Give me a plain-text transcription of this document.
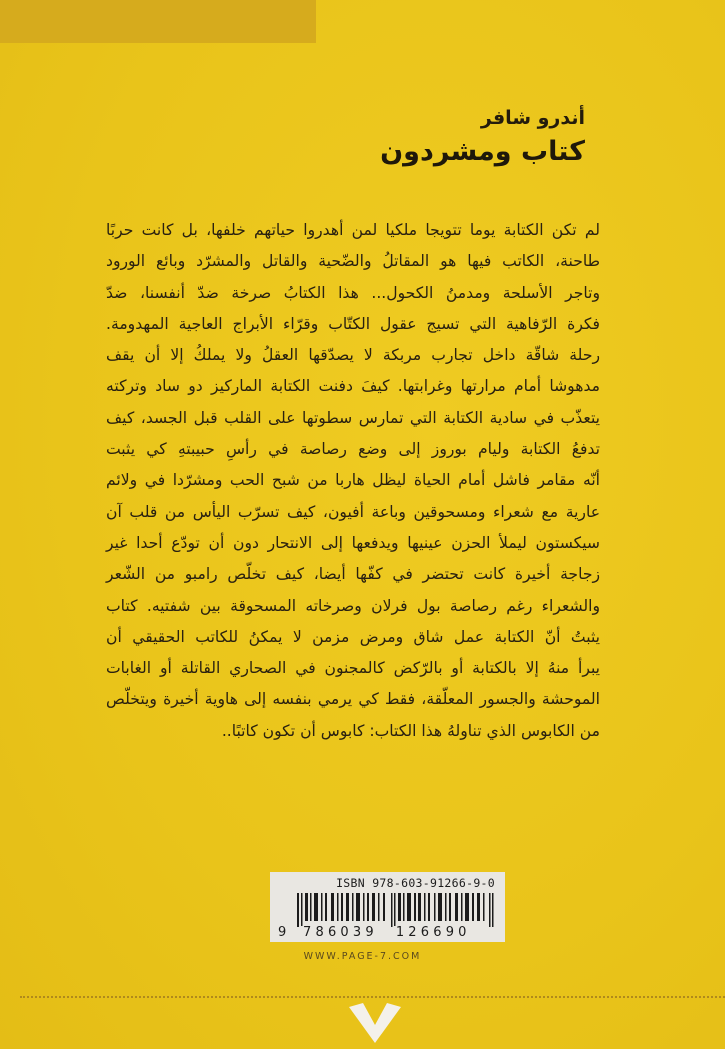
أندرو شافر
كتاب ومشردون
لم تكن الكتابة يوما تتويجا ملكيا لمن أهدروا حياتهم خلفها، بل كانت حربًا
طاحنة، الكاتب فيها هو المقاتلُ والضّحية والقاتل والمشرّد وبائع الورود
وتاجر الأسلحة ومدمنُ الكحول... هذا الكتابُ صرخة ضدّ أنفسنا، ضدّ
فكرة الرّفاهية التي تسيج عقول الكتّاب وقرّاء الأبراج العاجية المهدومة.
رحلة شاقّة داخل تجارب مربكة لا يصدّقها العقلُ ولا يملكُ إلا أن يقف
مدهوشا أمام مرارتها وغرابتها. كيفَ دفنت الكتابة الماركيز دو ساد وتركته
يتعذّب في سادية الكتابة التي تمارس سطوتها على القلب قبل الجسد، كيف
تدفعُ الكتابة وليام بوروز إلى وضع رصاصة في رأسِ حبيبتهِ كي يثبت
أنّه مقامر فاشل أمام الحياة ليظل هاربا من شبح الحب ومشرّدا في ولائم
عارية مع شعراء ومسحوقين وباعة أفيون، كيف تسرّب اليأس من قلب آن
سيكستون ليملأ الحزن عينيها ويدفعها إلى الانتحار دون أن تودّع أحدا غير
زجاجة أخيرة كانت تحتضر في كفّها أيضا، كيف تخلّص رامبو من الشّعر
والشعراء رغم رصاصة بول فرلان وصرخاته المسحوقة بين شفتيه. كتاب
يثبتُ أنّ الكتابة عمل شاق ومرض مزمن لا يمكنُ للكاتب الحقيقي أن
يبرأ منهُ إلا بالكتابة أو بالرّكض كالمجنون في الصحاري القاتلة أو الغابات
الموحشة والجسور المعلّقة، فقط كي يرمي بنفسه إلى هاوية أخيرة ويتخلّص
من الكابوس الذي تناولهُ هذا الكتاب: كابوس أن تكون كاتبًا..
ISBN 978-603-91266-9-0
9	786039 126690
WWW.PAGE-7.COM
